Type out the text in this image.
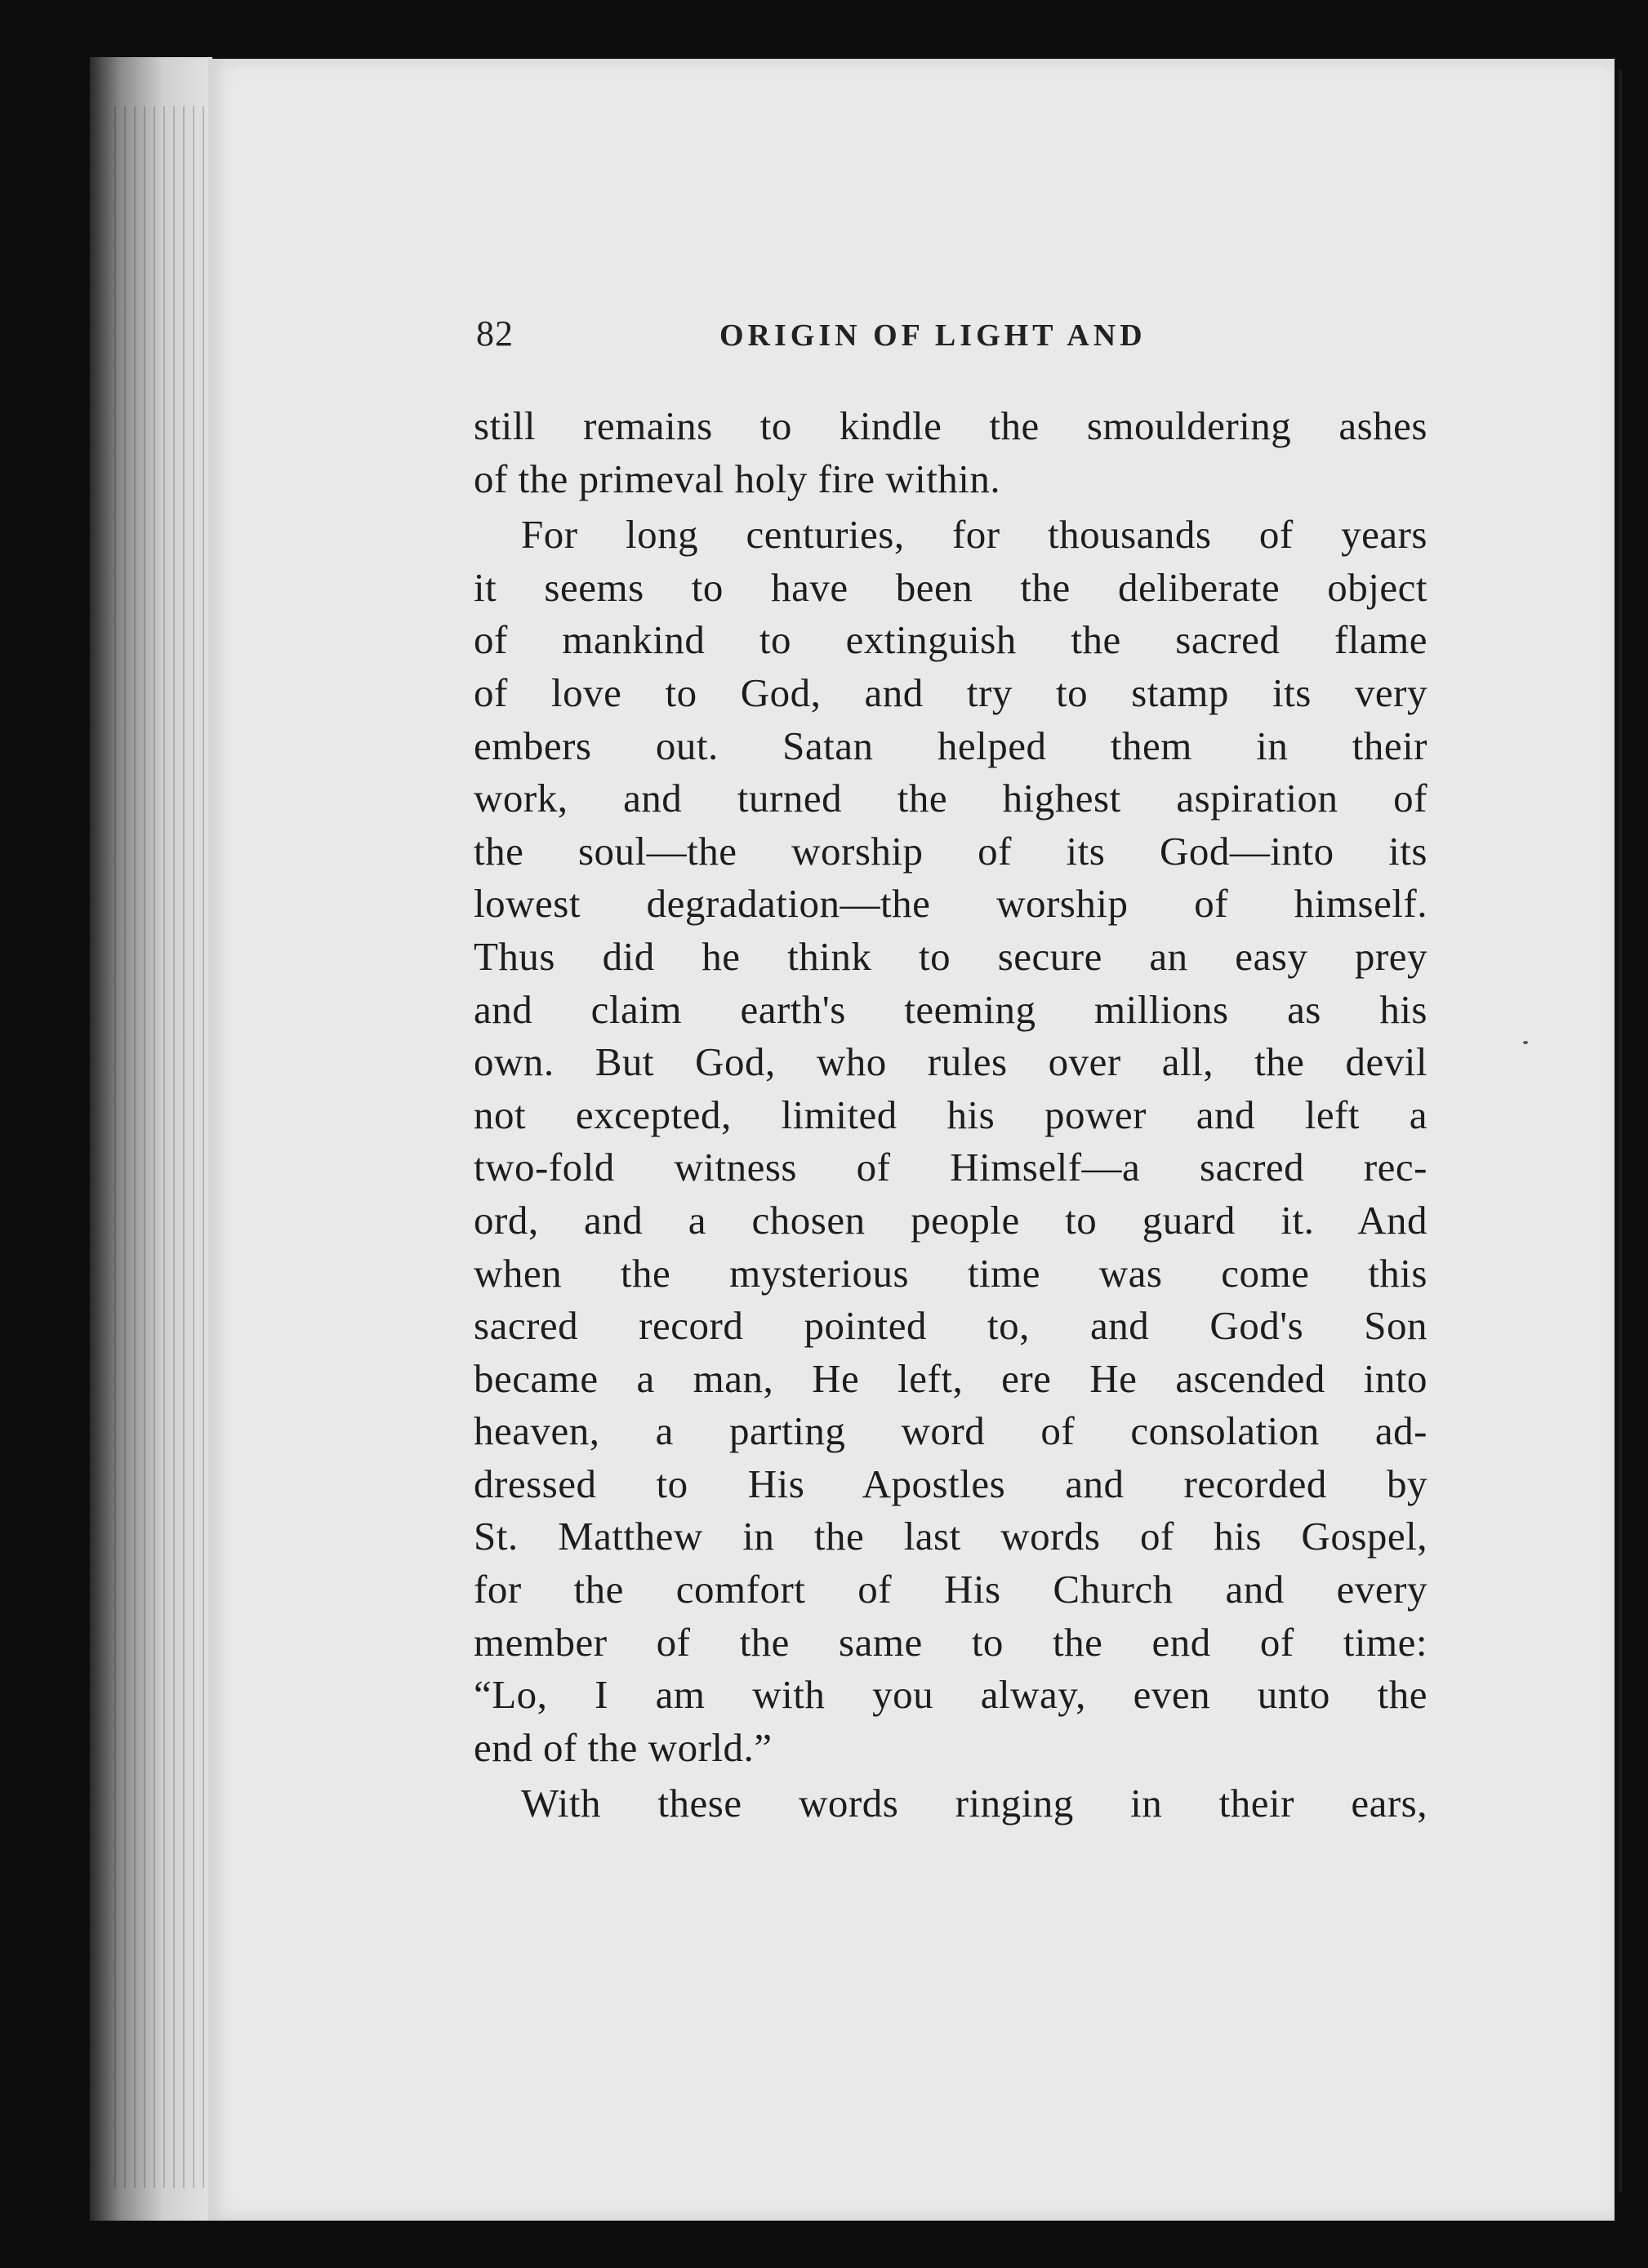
82	ORIGIN OF LIGHT AND
still remains to kindle the smouldering ashes
of the primeval holy fire within.
For long centuries, for thousands of years
it seems to have been the deliberate object
of mankind to extinguish the sacred flame
of love to God, and try to stamp its very
embers out. Satan helped them in their
work, and turned the highest aspiration of
the soul—the worship of its God—into its
lowest degradation—the worship of himself.
Thus did he think to secure an easy prey
and claim earth's teeming millions as his
own. But God, who rules over all, the devil
not excepted, limited his power and left a
two-fold witness of Himself—a sacred rec-
ord, and a chosen people to guard it. And
when the mysterious time was come this
sacred record pointed to, and God's Son
became a man, He left, ere He ascended into
heaven, a parting word of consolation ad-
dressed to His Apostles and recorded by
St. Matthew in the last words of his Gospel,
for the comfort of His Church and every
member of the same to the end of time:
“Lo, I am with you alway, even unto the
end of the world.”
With these words ringing in their ears,
